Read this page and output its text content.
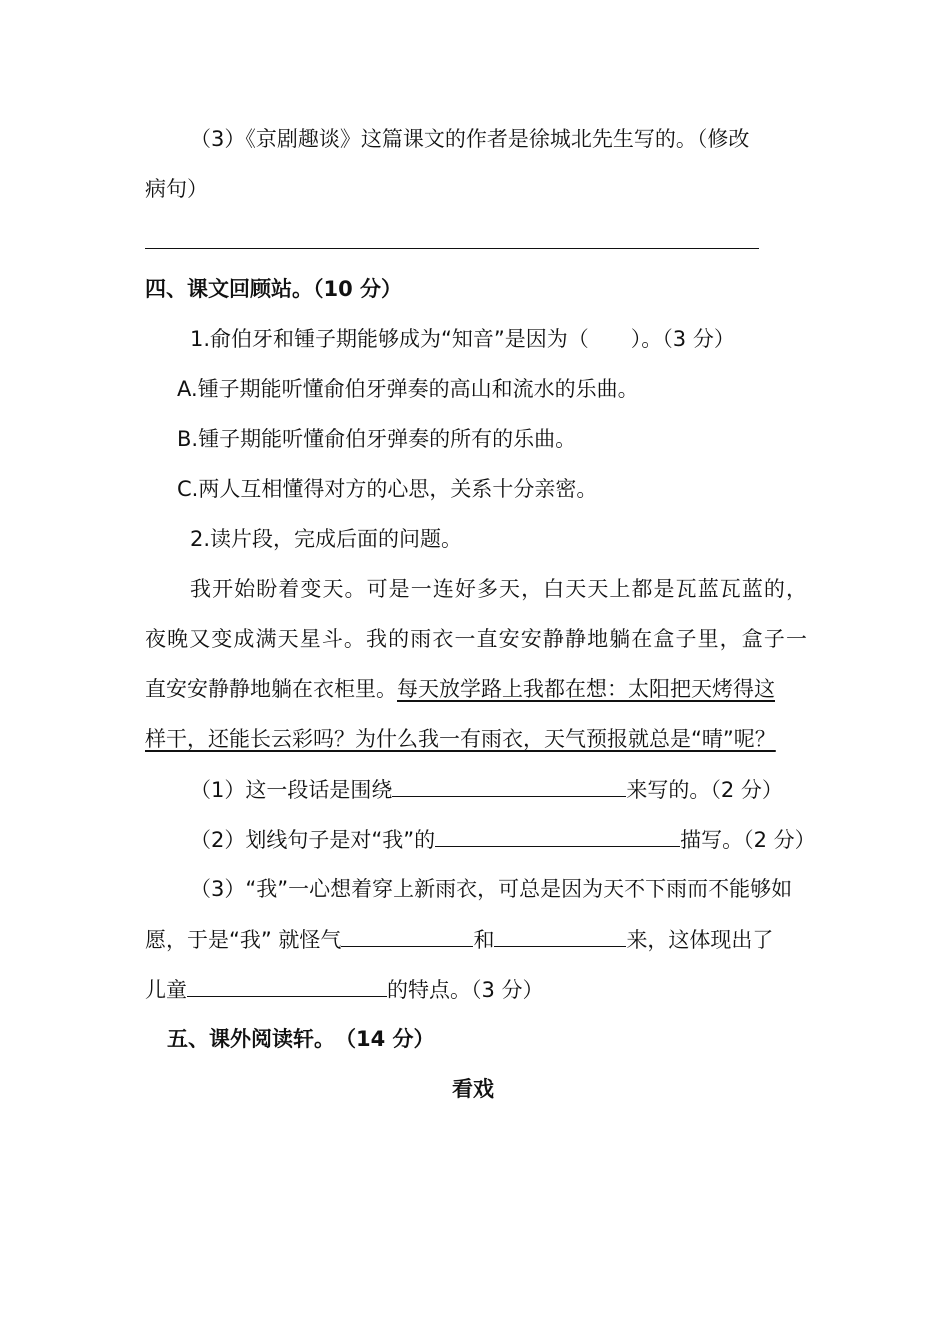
（3）《京剧趣谈》这篇课文的作者是徐城北先生写的。（修改
病句）
四、课文回顾站。（10 分）
1.俞伯牙和锺子期能够成为“知音”是因为（　　）。（3 分）
A.锺子期能听懂俞伯牙弹奏的高山和流水的乐曲。
B.锺子期能听懂俞伯牙弹奏的所有的乐曲。
C.两人互相懂得对方的心思，关系十分亲密。
2.读片段，完成后面的问题。
我开始盼着变天。可是一连好多天，白天天上都是瓦蓝瓦蓝的，
夜晚又变成满天星斗。我的雨衣一直安安静静地躺在盒子里，盒子一
直安安静静地躺在衣柜里。每天放学路上我都在想：太阳把天烤得这
样干，还能长云彩吗？为什么我一有雨衣，天气预报就总是“晴”呢？
（1）这一段话是围绕	来写的。（2 分）
（2）划线句子是对“我”的	描写。（2 分）
（3）“我”一心想着穿上新雨衣，可总是因为天不下雨而不能够如
愿，于是“我” 就怪气	和	来，这体现出了
儿童	的特点。（3 分）
五、课外阅读轩。　（14 分）
看戏
